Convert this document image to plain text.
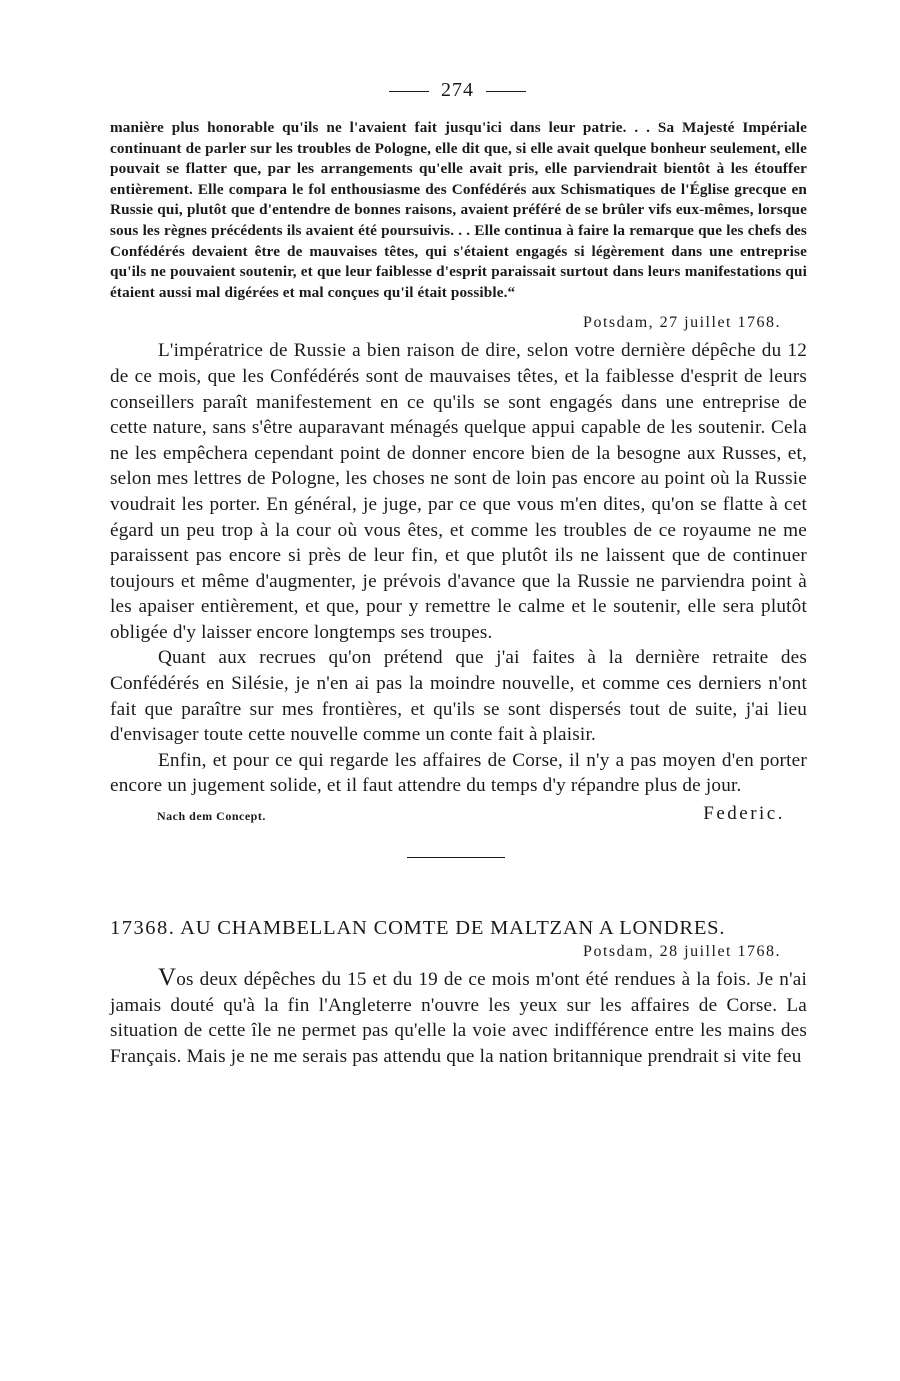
274
manière plus honorable qu'ils ne l'avaient fait jusqu'ici dans leur patrie. . . Sa Majesté Impériale continuant de parler sur les troubles de Pologne, elle dit que, si elle avait quelque bonheur seulement, elle pouvait se flatter que, par les arrangements qu'elle avait pris, elle parviendrait bientôt à les étouffer entièrement. Elle compara le fol enthousiasme des Confédérés aux Schismatiques de l'Église grecque en Russie qui, plutôt que d'entendre de bonnes raisons, avaient préféré de se brûler vifs eux-mêmes, lorsque sous les règnes précédents ils avaient été poursuivis. . . Elle continua à faire la remarque que les chefs des Confédérés devaient être de mauvaises têtes, qui s'étaient engagés si légèrement dans une entreprise qu'ils ne pouvaient soutenir, et que leur faiblesse d'esprit paraissait surtout dans leurs manifestations qui étaient aussi mal digérées et mal conçues qu'il était possible.“
Potsdam, 27 juillet 1768.

L'impératrice de Russie a bien raison de dire, selon votre dernière dépêche du 12 de ce mois, que les Confédérés sont de mauvaises têtes, et la faiblesse d'esprit de leurs conseillers paraît manifestement en ce qu'ils se sont engagés dans une entreprise de cette nature, sans s'être auparavant ménagés quelque appui capable de les soutenir. Cela ne les empêchera cependant point de donner encore bien de la besogne aux Russes, et, selon mes lettres de Pologne, les choses ne sont de loin pas encore au point où la Russie voudrait les porter. En général, je juge, par ce que vous m'en dites, qu'on se flatte à cet égard un peu trop à la cour où vous êtes, et comme les troubles de ce royaume ne me paraissent pas encore si près de leur fin, et que plutôt ils ne laissent que de continuer toujours et même d'augmenter, je prévois d'avance que la Russie ne parviendra point à les apaiser entièrement, et que, pour y remettre le calme et le soutenir, elle sera plutôt obligée d'y laisser encore longtemps ses troupes.

Quant aux recrues qu'on prétend que j'ai faites à la dernière retraite des Confédérés en Silésie, je n'en ai pas la moindre nouvelle, et comme ces derniers n'ont fait que paraître sur mes frontières, et qu'ils se sont dispersés tout de suite, j'ai lieu d'envisager toute cette nouvelle comme un conte fait à plaisir.

Enfin, et pour ce qui regarde les affaires de Corse, il n'y a pas moyen d'en porter encore un jugement solide, et il faut attendre du temps d'y répandre plus de jour.

Nach dem Concept.	Federic.
17368. AU CHAMBELLAN COMTE DE MALTZAN A LONDRES.
Potsdam, 28 juillet 1768.

Vos deux dépêches du 15 et du 19 de ce mois m'ont été rendues à la fois. Je n'ai jamais douté qu'à la fin l'Angleterre n'ouvre les yeux sur les affaires de Corse. La situation de cette île ne permet pas qu'elle la voie avec indifférence entre les mains des Français. Mais je ne me serais pas attendu que la nation britannique prendrait si vite feu
